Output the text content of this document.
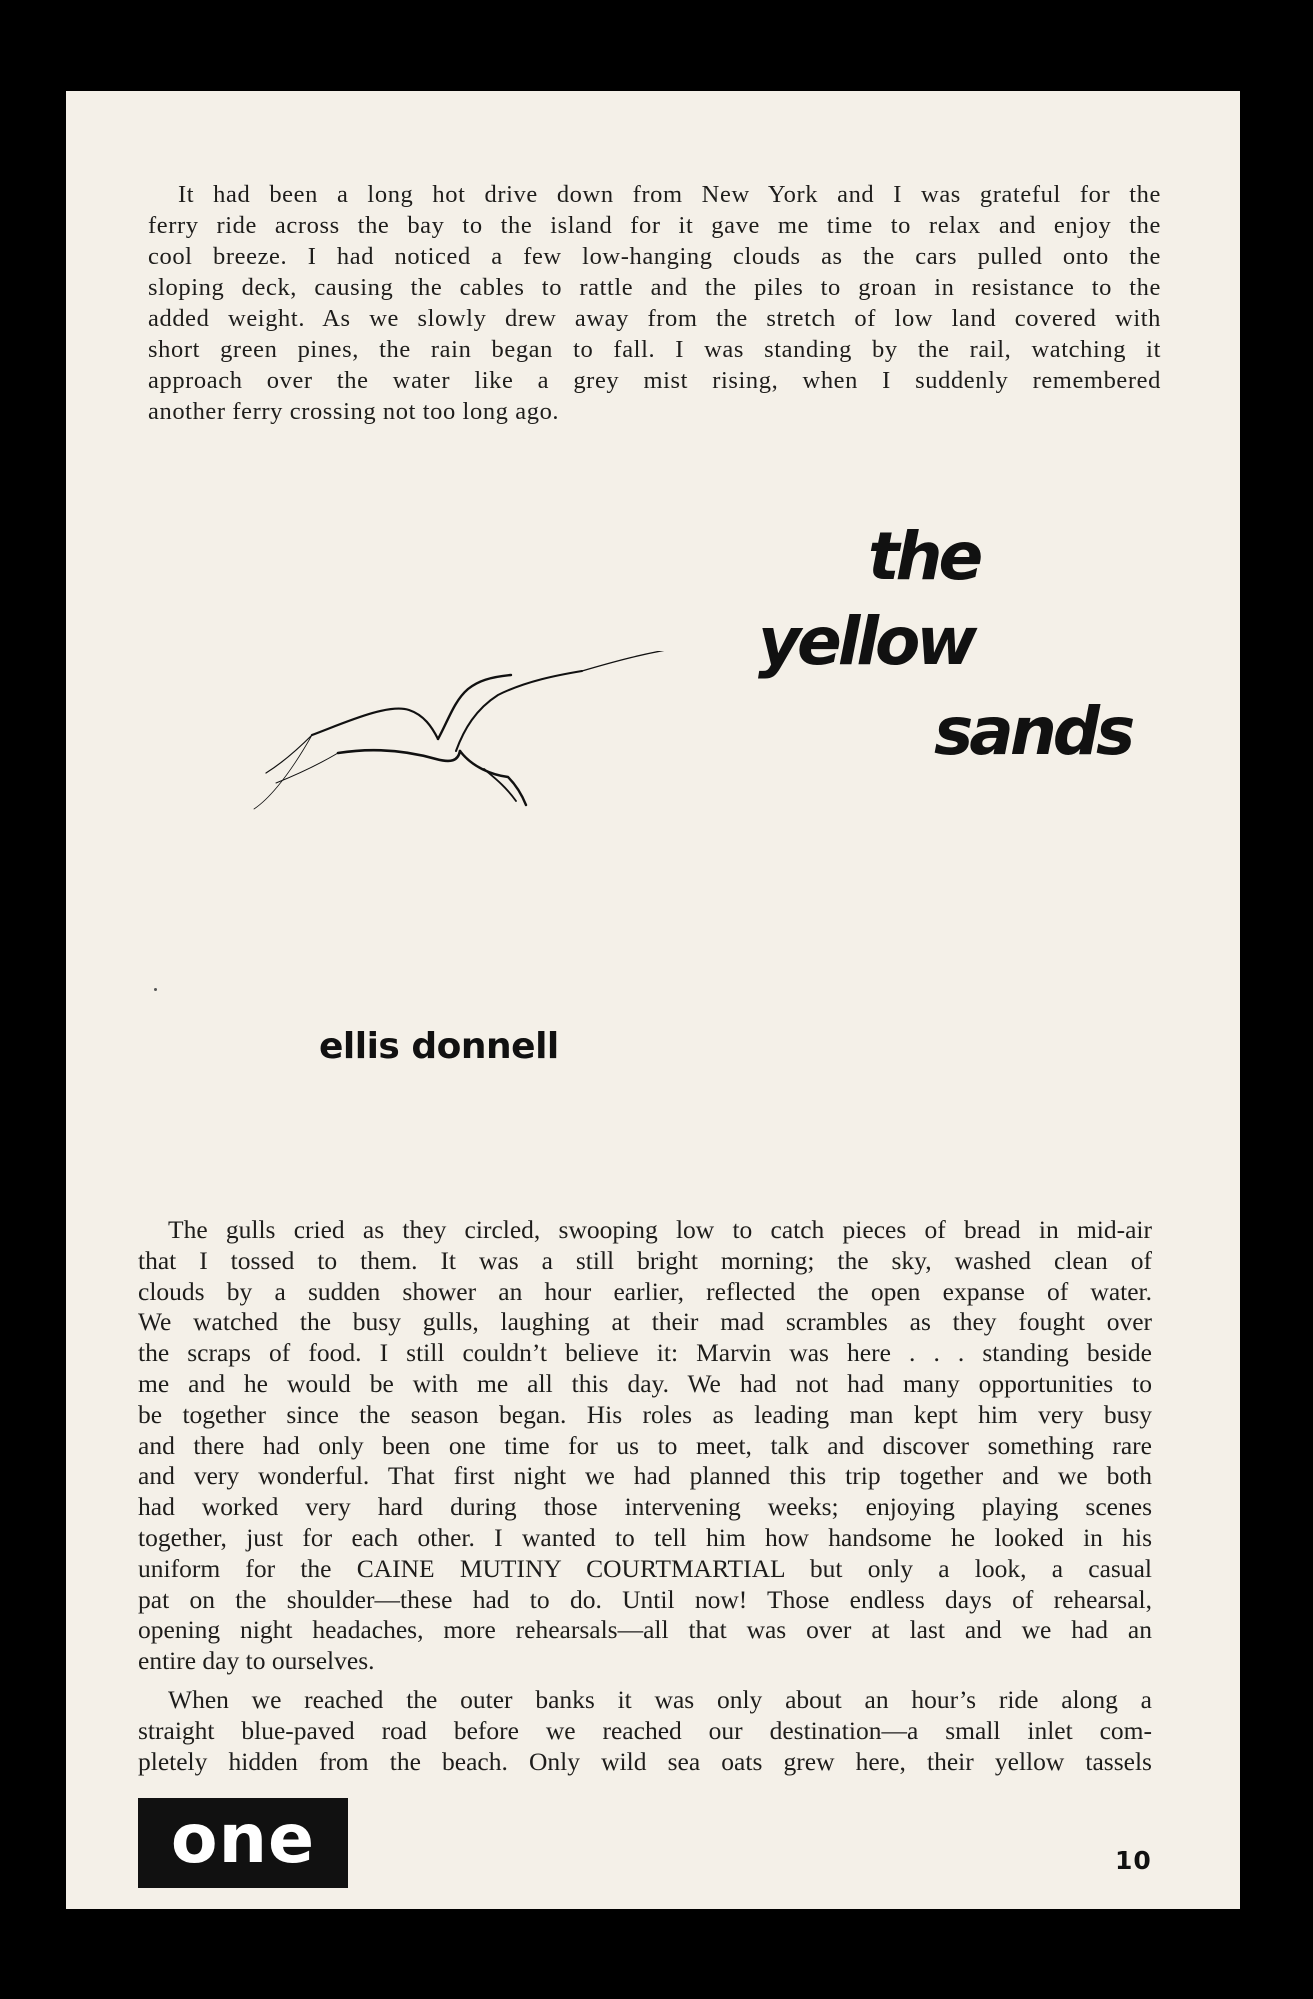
It had been a long hot drive down from New York and I was grateful for the
ferry ride across the bay to the island for it gave me time to relax and enjoy the
cool breeze. I had noticed a few low-hanging clouds as the cars pulled onto the
sloping deck, causing the cables to rattle and the piles to groan in resistance to the
added weight. As we slowly drew away from the stretch of low land covered with
short green pines, the rain began to fall. I was standing by the rail, watching it
approach over the water like a grey mist rising, when I suddenly remembered
another ferry crossing not too long ago.

the
yellow
sands
ellis donnell

The gulls cried as they circled, swooping low to catch pieces of bread in mid-air
that I tossed to them. It was a still bright morning; the sky, washed clean of
clouds by a sudden shower an hour earlier, reflected the open expanse of water.
We watched the busy gulls, laughing at their mad scrambles as they fought over
the scraps of food. I still couldn’t believe it: Marvin was here . . . standing beside
me and he would be with me all this day. We had not had many opportunities to
be together since the season began. His roles as leading man kept him very busy
and there had only been one time for us to meet, talk and discover something rare
and very wonderful. That first night we had planned this trip together and we both
had worked very hard during those intervening weeks; enjoying playing scenes
together, just for each other. I wanted to tell him how handsome he looked in his
uniform for the CAINE MUTINY COURTMARTIAL but only a look, a casual
pat on the shoulder—these had to do. Until now! Those endless days of rehearsal,
opening night headaches, more rehearsals—all that was over at last and we had an
entire day to ourselves.

When we reached the outer banks it was only about an hour’s ride along a
straight blue-paved road before we reached our destination—a small inlet com-
pletely hidden from the beach. Only wild sea oats grew here, their yellow tassels

one	10
